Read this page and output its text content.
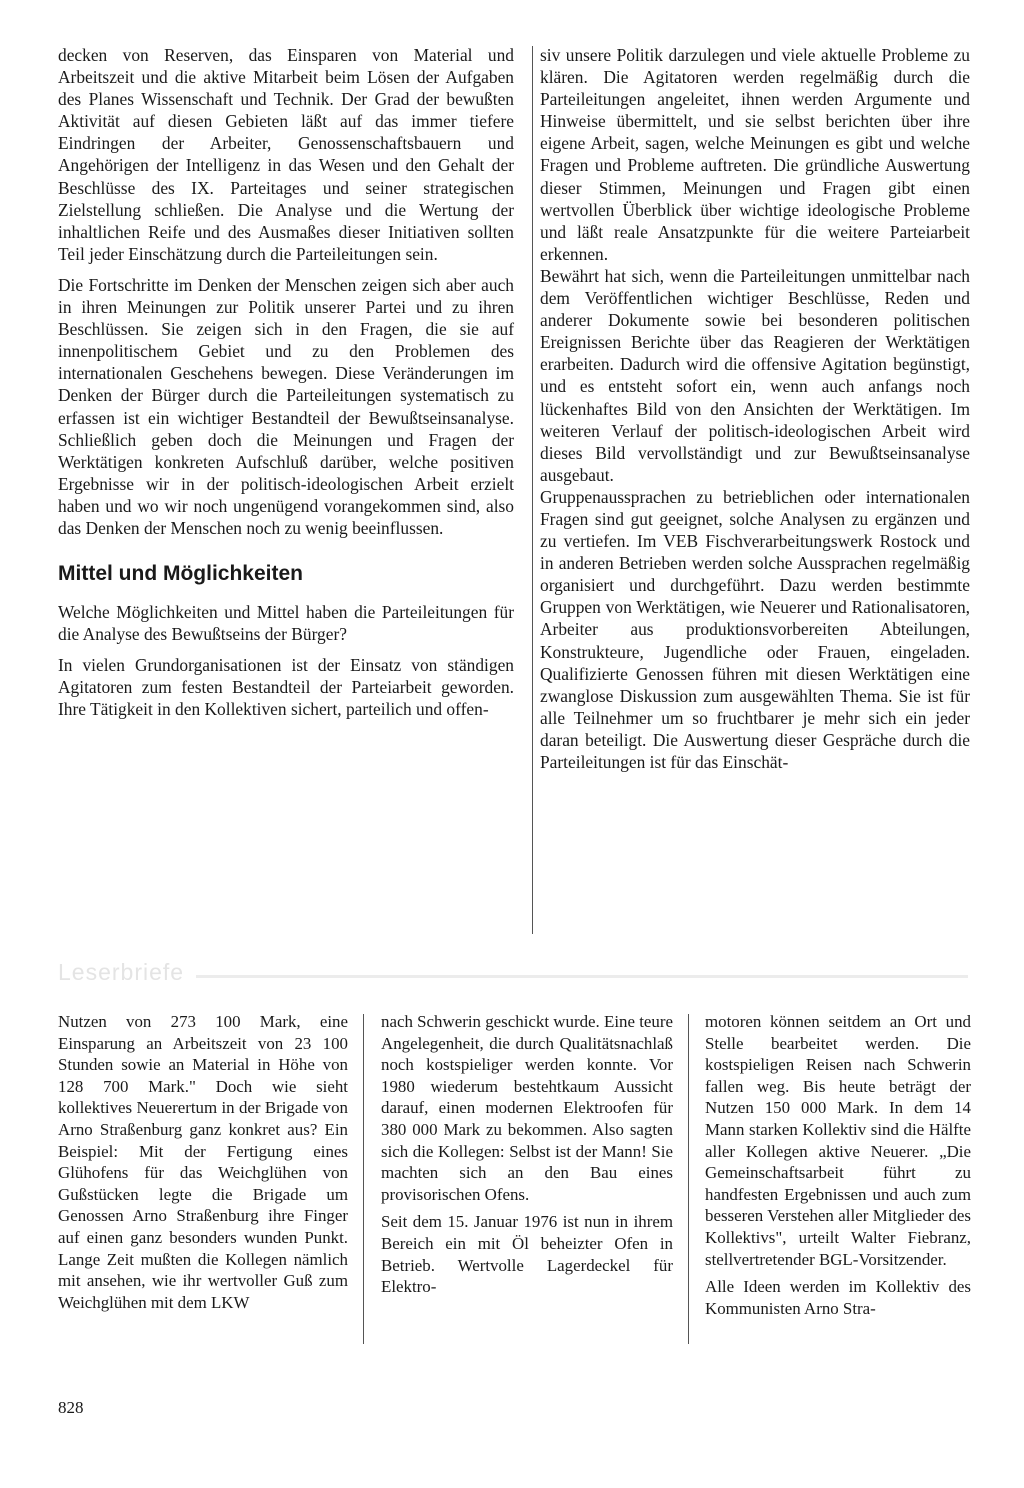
decken von Reserven, das Einsparen von Material und Arbeitszeit und die aktive Mitarbeit beim Lösen der Aufgaben des Planes Wissenschaft und Technik. Der Grad der bewußten Aktivität auf diesen Gebieten läßt auf das immer tiefere Eindringen der Arbeiter, Genossenschaftsbauern und Angehörigen der Intelligenz in das Wesen und den Gehalt der Beschlüsse des IX. Parteitages und seiner strategischen Zielstellung schließen. Die Analyse und die Wertung der inhaltlichen Reife und des Ausmaßes dieser Initiativen sollten Teil jeder Einschätzung durch die Parteileitungen sein.

Die Fortschritte im Denken der Menschen zeigen sich aber auch in ihren Meinungen zur Politik unserer Partei und zu ihren Beschlüssen. Sie zeigen sich in den Fragen, die sie auf innenpolitischem Gebiet und zu den Problemen des internationalen Geschehens bewegen. Diese Veränderungen im Denken der Bürger durch die Parteileitungen systematisch zu erfassen ist ein wichtiger Bestandteil der Bewußtseinsanalyse. Schließlich geben doch die Meinungen und Fragen der Werktätigen konkreten Aufschluß darüber, welche positiven Ergebnisse wir in der politisch-ideologischen Arbeit erzielt haben und wo wir noch ungenügend vorangekommen sind, also das Denken der Menschen noch zu wenig beeinflussen.

Mittel und Möglichkeiten

Welche Möglichkeiten und Mittel haben die Parteileitungen für die Analyse des Bewußtseins der Bürger?

In vielen Grundorganisationen ist der Einsatz von ständigen Agitatoren zum festen Bestandteil der Parteiarbeit geworden. Ihre Tätigkeit in den Kollektiven sichert, parteilich und offen-

siv unsere Politik darzulegen und viele aktuelle Probleme zu klären. Die Agitatoren werden regelmäßig durch die Parteileitungen angeleitet, ihnen werden Argumente und Hinweise übermittelt, und sie selbst berichten über ihre eigene Arbeit, sagen, welche Meinungen es gibt und welche Fragen und Probleme auftreten. Die gründliche Auswertung dieser Stimmen, Meinungen und Fragen gibt einen wertvollen Überblick über wichtige ideologische Probleme und läßt reale Ansatzpunkte für die weitere Parteiarbeit erkennen.

Bewährt hat sich, wenn die Parteileitungen unmittelbar nach dem Veröffentlichen wichtiger Beschlüsse, Reden und anderer Dokumente sowie bei besonderen politischen Ereignissen Berichte über das Reagieren der Werktätigen erarbeiten. Dadurch wird die offensive Agitation begünstigt, und es entsteht sofort ein, wenn auch anfangs noch lückenhaftes Bild von den Ansichten der Werktätigen. Im weiteren Verlauf der politisch-ideologischen Arbeit wird dieses Bild vervollständigt und zur Bewußtseinsanalyse ausgebaut.

Gruppenaussprachen zu betrieblichen oder internationalen Fragen sind gut geeignet, solche Analysen zu ergänzen und zu vertiefen. Im VEB Fischverarbeitungswerk Rostock und in anderen Betrieben werden solche Aussprachen regelmäßig organisiert und durchgeführt. Dazu werden bestimmte Gruppen von Werktätigen, wie Neuerer und Rationalisatoren, Arbeiter aus produktionsvorbereiten Abteilungen, Konstrukteure, Jugendliche oder Frauen, eingeladen. Qualifizierte Genossen führen mit diesen Werktätigen eine zwanglose Diskussion zum ausgewählten Thema. Sie ist für alle Teilnehmer um so fruchtbarer je mehr sich ein jeder daran beteiligt. Die Auswertung dieser Gespräche durch die Parteileitungen ist für das Einschät-

Leserbriefe

Nutzen von 273 100 Mark, eine Einsparung an Arbeitszeit von 23 100 Stunden sowie an Material in Höhe von 128 700 Mark." Doch wie sieht kollektives Neuerertum in der Brigade von Arno Straßenburg ganz konkret aus? Ein Beispiel: Mit der Fertigung eines Glühofens für das Weichglühen von Gußstücken legte die Brigade um Genossen Arno Straßenburg ihre Finger auf einen ganz besonders wunden Punkt. Lange Zeit mußten die Kollegen nämlich mit ansehen, wie ihr wertvoller Guß zum Weichglühen mit dem LKW

nach Schwerin geschickt wurde. Eine teure Angelegenheit, die durch Qualitätsnachlaß noch kostspieliger werden konnte. Vor 1980 wiederum bestehtkaum Aussicht darauf, einen modernen Elektroofen für 380 000 Mark zu bekommen. Also sagten sich die Kollegen: Selbst ist der Mann! Sie machten sich an den Bau eines provisorischen Ofens.

Seit dem 15. Januar 1976 ist nun in ihrem Bereich ein mit Öl beheizter Ofen in Betrieb. Wertvolle Lagerdeckel für Elektro-

motoren können seitdem an Ort und Stelle bearbeitet werden. Die kostspieligen Reisen nach Schwerin fallen weg. Bis heute beträgt der Nutzen 150 000 Mark. In dem 14 Mann starken Kollektiv sind die Hälfte aller Kollegen aktive Neuerer. „Die Gemeinschaftsarbeit führt zu handfesten Ergebnissen und auch zum besseren Verstehen aller Mitglieder des Kollektivs", urteilt Walter Fiebranz, stellvertretender BGL-Vorsitzender.

Alle Ideen werden im Kollektiv des Kommunisten Arno Stra-

828
